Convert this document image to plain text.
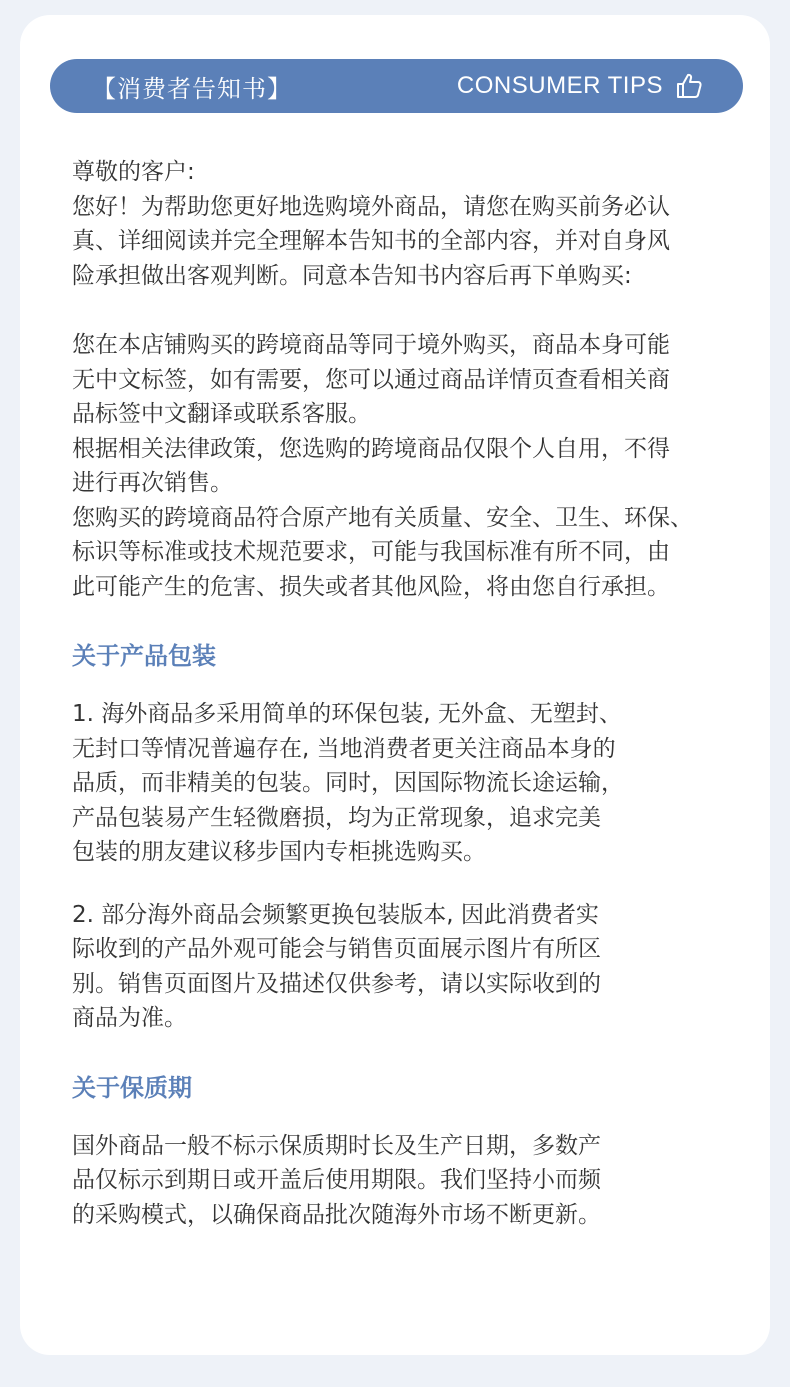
【消费者告知书】	CONSUMER TIPS

尊敬的客户:

您好！为帮助您更好地选购境外商品，请您在购买前务必认
真、详细阅读并完全理解本告知书的全部内容，并对自身风
险承担做出客观判断。同意本告知书内容后再下单购买:

您在本店铺购买的跨境商品等同于境外购买，商品本身可能
无中文标签，如有需要，您可以通过商品详情页查看相关商
品标签中文翻译或联系客服。

根据相关法律政策，您选购的跨境商品仅限个人自用，不得
进行再次销售。

您购买的跨境商品符合原产地有关质量、安全、卫生、环保、
标识等标准或技术规范要求，可能与我国标准有所不同，由
此可能产生的危害、损失或者其他风险，将由您自行承担。

关于产品包装

1. 海外商品多采用简单的环保包装, 无外盒、无塑封、
无封口等情况普遍存在, 当地消费者更关注商品本身的
品质，而非精美的包装。同时，因国际物流长途运输，
产品包装易产生轻微磨损，均为正常现象，追求完美
包装的朋友建议移步国内专柜挑选购买。

2. 部分海外商品会频繁更换包装版本, 因此消费者实
际收到的产品外观可能会与销售页面展示图片有所区
别。销售页面图片及描述仅供参考，请以实际收到的
商品为准。

关于保质期

国外商品一般不标示保质期时长及生产日期，多数产
品仅标示到期日或开盖后使用期限。我们坚持小而频
的采购模式，以确保商品批次随海外市场不断更新。
